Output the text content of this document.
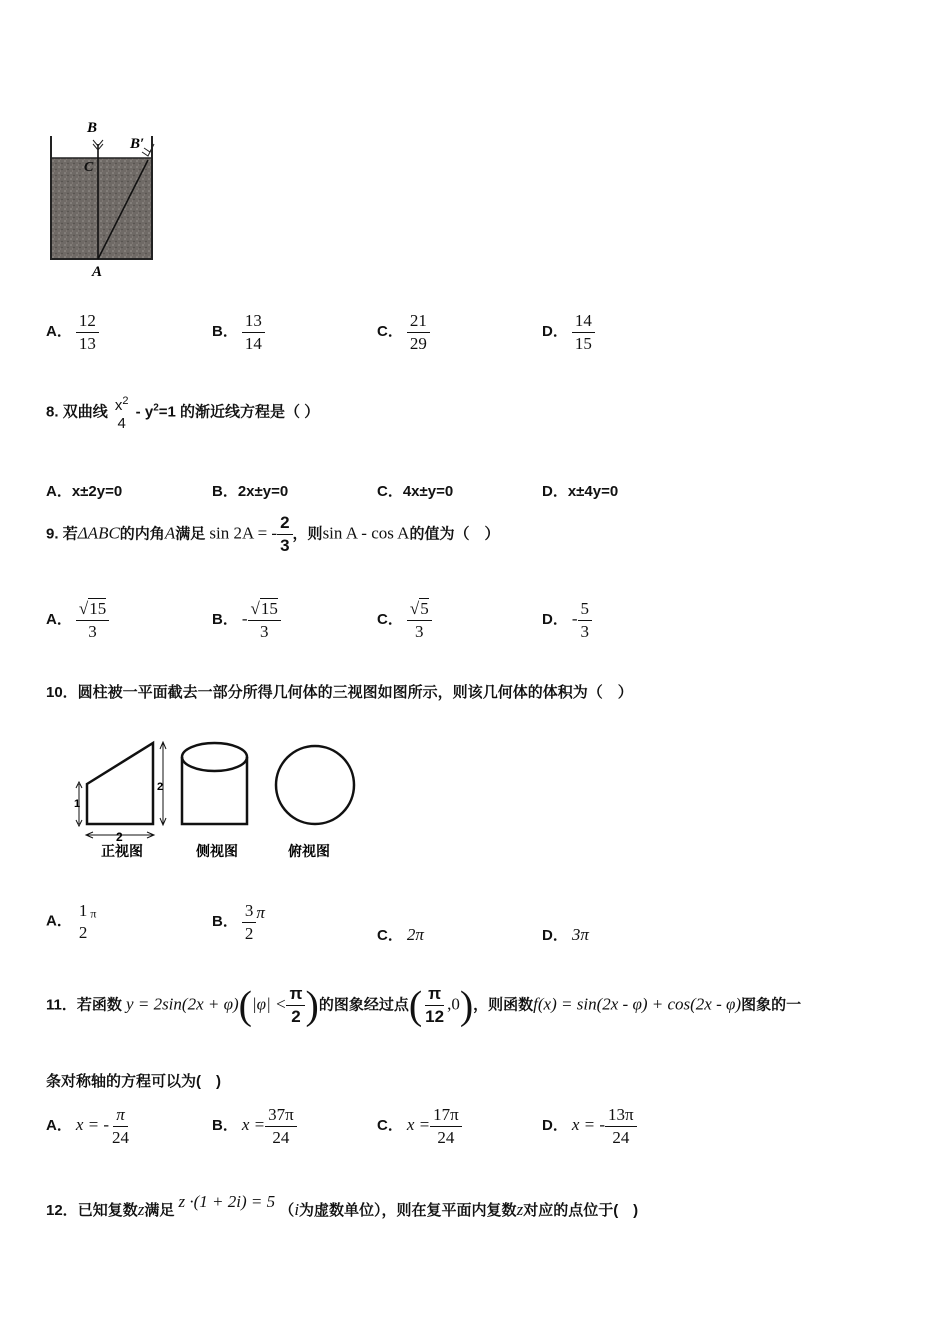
B
B′
C
A
A． $\frac{12}{13}$	B． $\frac{13}{14}$	C． $\frac{21}{29}$	D． $\frac{14}{15}$
8. 双曲线 $x^2$
4
- $y^2=1$ 的渐近线方程是（ ）
A．x±2y=0	B．2x±y=0	C．4x±y=0	D．x±4y=0
9. 若ΔABC的内角A满足 sin 2A = - $\frac{2}{3}$ ，则sin A - cos A的值为（　）
A． $\frac{√15}{3}$	B． - $\frac{√15}{3}$	C． $\frac{√5}{3}$	D． - $\frac{5}{3}$
10．圆柱被一平面截去一部分所得几何体的三视图如图所示，则该几何体的体积为（　）
1
2
2
正视图	侧视图	俯视图
A．
1
2
$^\pi$	B． $\frac{3}{2}$ π
C． 2π	D． 3π
11．若函数 $y = 2\sin(2x + \varphi)(|\varphi| < \frac{\pi}{2}$ )的图象经过点( $\frac{\pi}{12} ,0$)，则函数f(x) = sin(2x - φ) + cos(2x - φ)图象的一
条对称轴的方程可以为(　)
A． x = - $\frac{\pi}{24}$	B． $x = \frac{37\pi}{24}$	C． $x = \frac{17\pi}{24}$	D． x = - $\frac{13\pi}{24}$
12．已知复数z满足 z ·(1 + 2i) = 5 （i为虚数单位），则在复平面内复数z对应的点位于(　)
